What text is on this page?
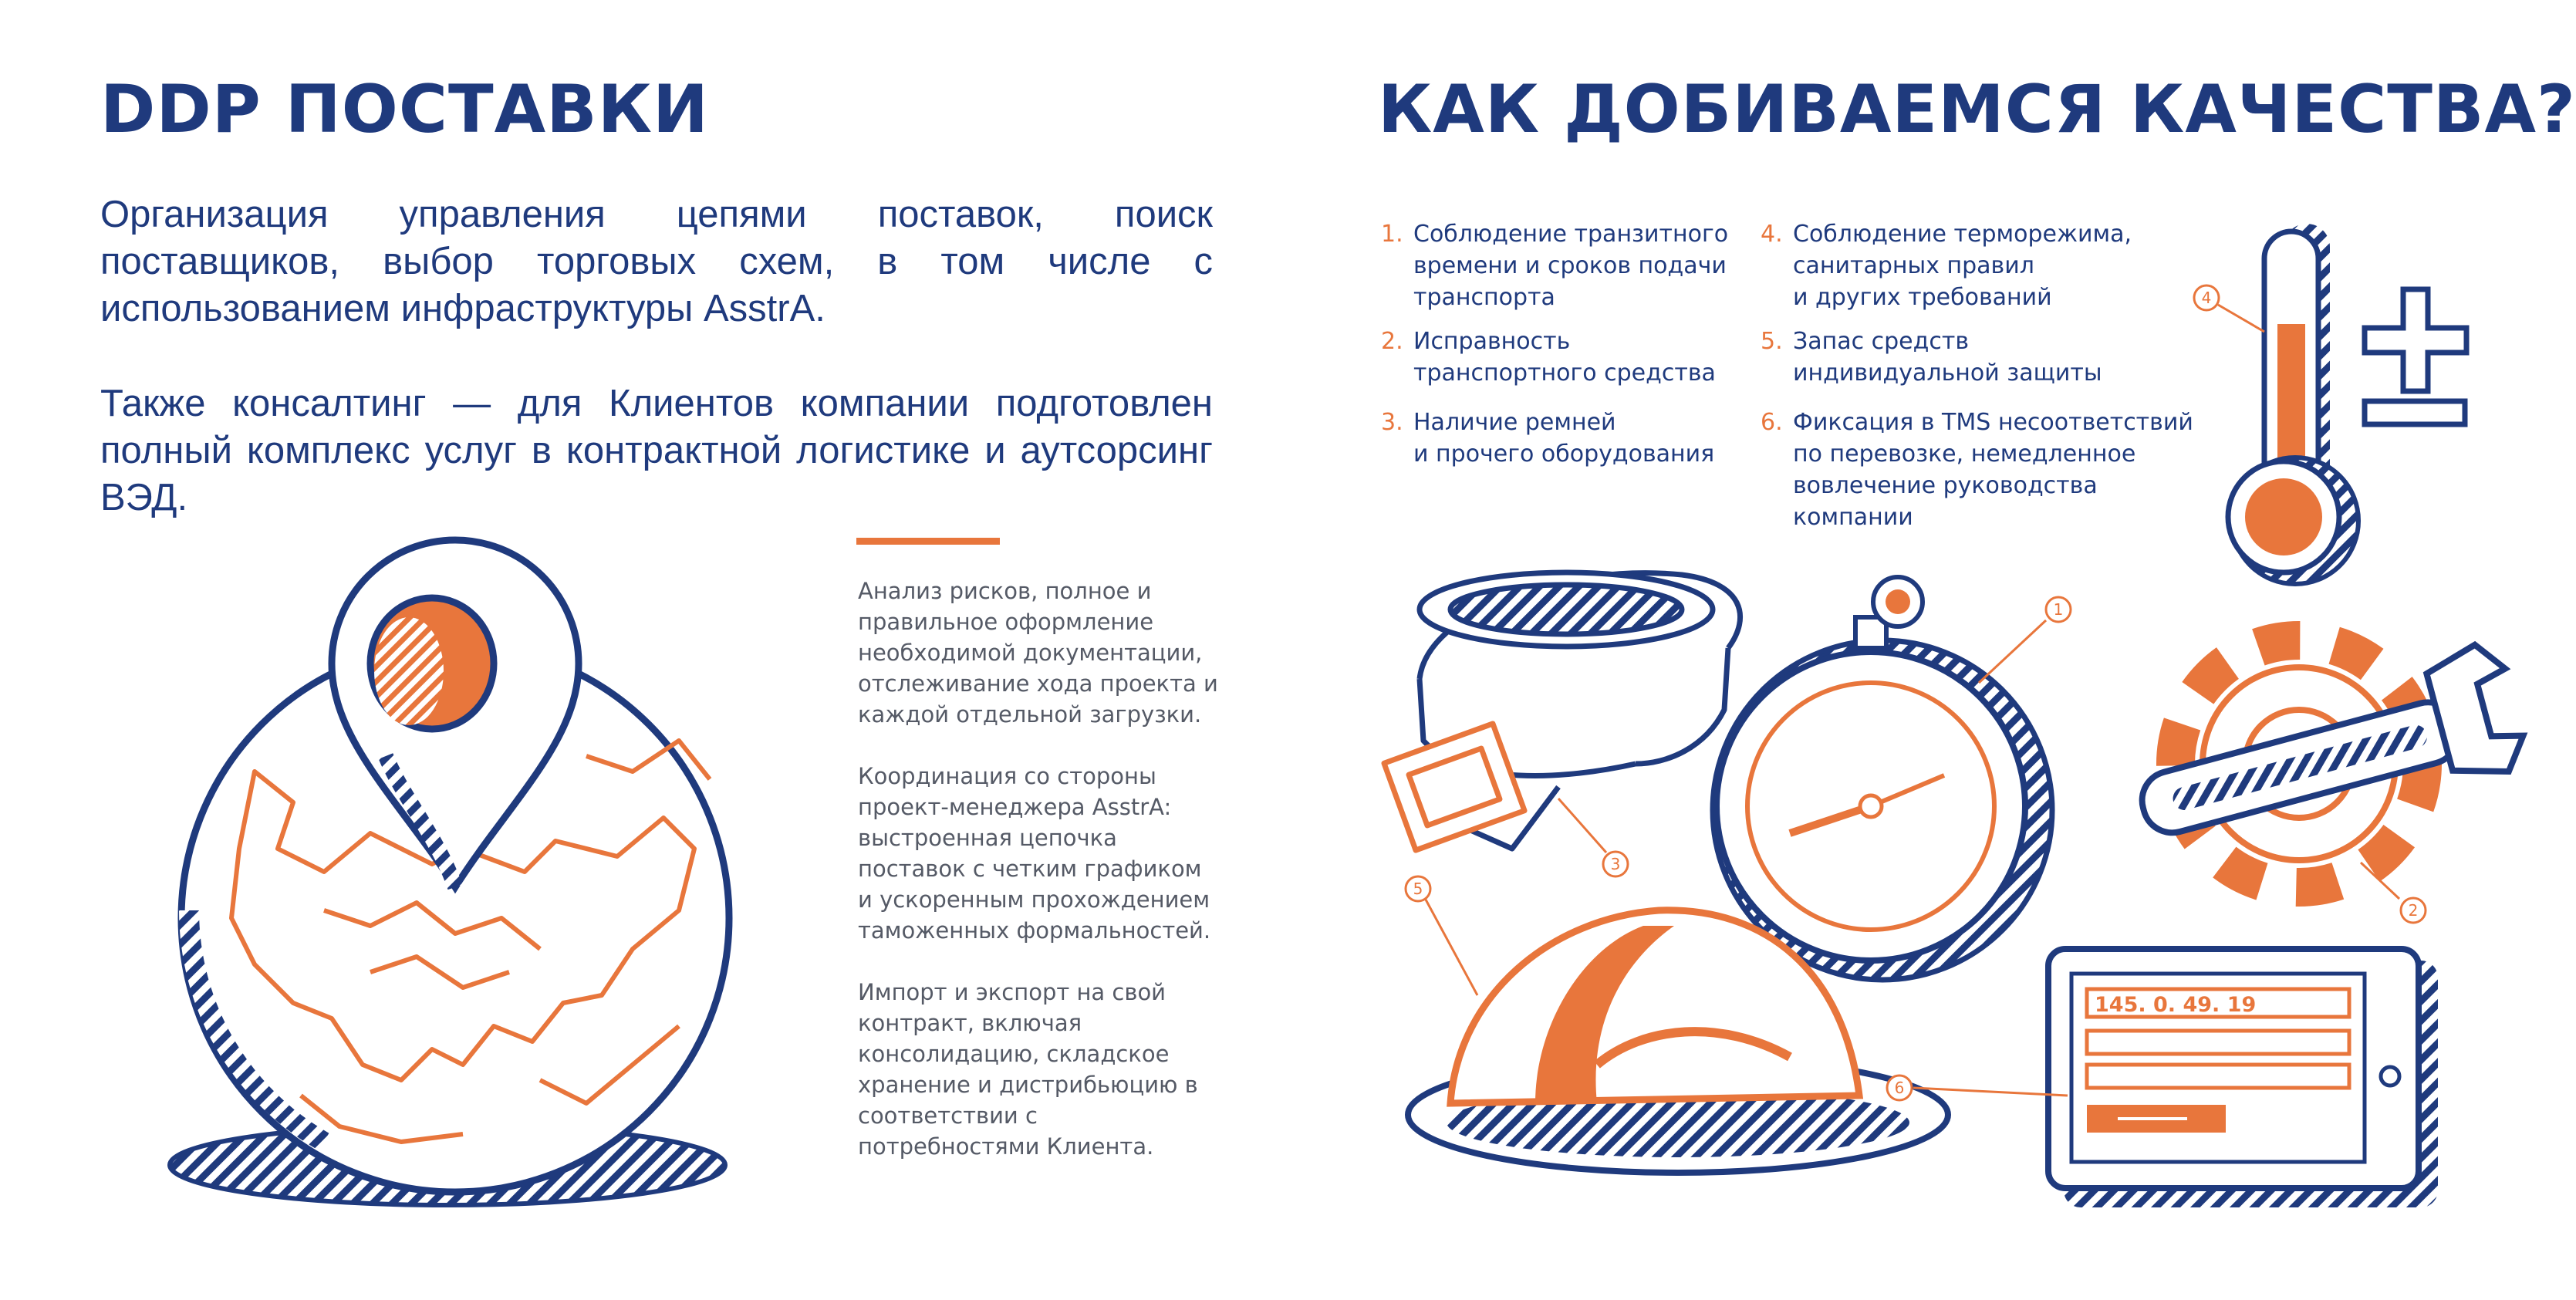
DDP ПОСТАВКИ

Организация управления цепями поставок, поиск поставщиков, выбор торговых схем, в том числе с использованием инфраструктуры AsstrA.

Также консалтинг — для Клиентов компании подготовлен полный комплекс услуг в контрактной логистике и аутсорсинг ВЭД.

Анализ рисков, полное и правильное оформление необходимой документации, отслеживание хода проекта и каждой отдельной загрузки.

Координация со стороны проект-менеджера AsstrA: выстроенная цепочка поставок с четким графиком и ускоренным прохождением таможенных формальностей.

Импорт и экспорт на свой контракт, включая консолидацию, складское хранение и дистрибьюцию в соответствии с потребностями Клиента.

145. 0. 49. 19
1
2
3
4
5
6
КАК ДОБИВАЕМСЯ КАЧЕСТВА?
1. Соблюдение транзитного
времени и сроков подачи
транспорта
2. Исправность
транспортного средства
3. Наличие ремней
и прочего оборудования
4. Соблюдение терморежима,
санитарных правил
и других требований
5. Запас средств
индивидуальной защиты
6. Фиксация в TMS несоответствий
по перевозке, немедленное
вовлечение руководства
компании
